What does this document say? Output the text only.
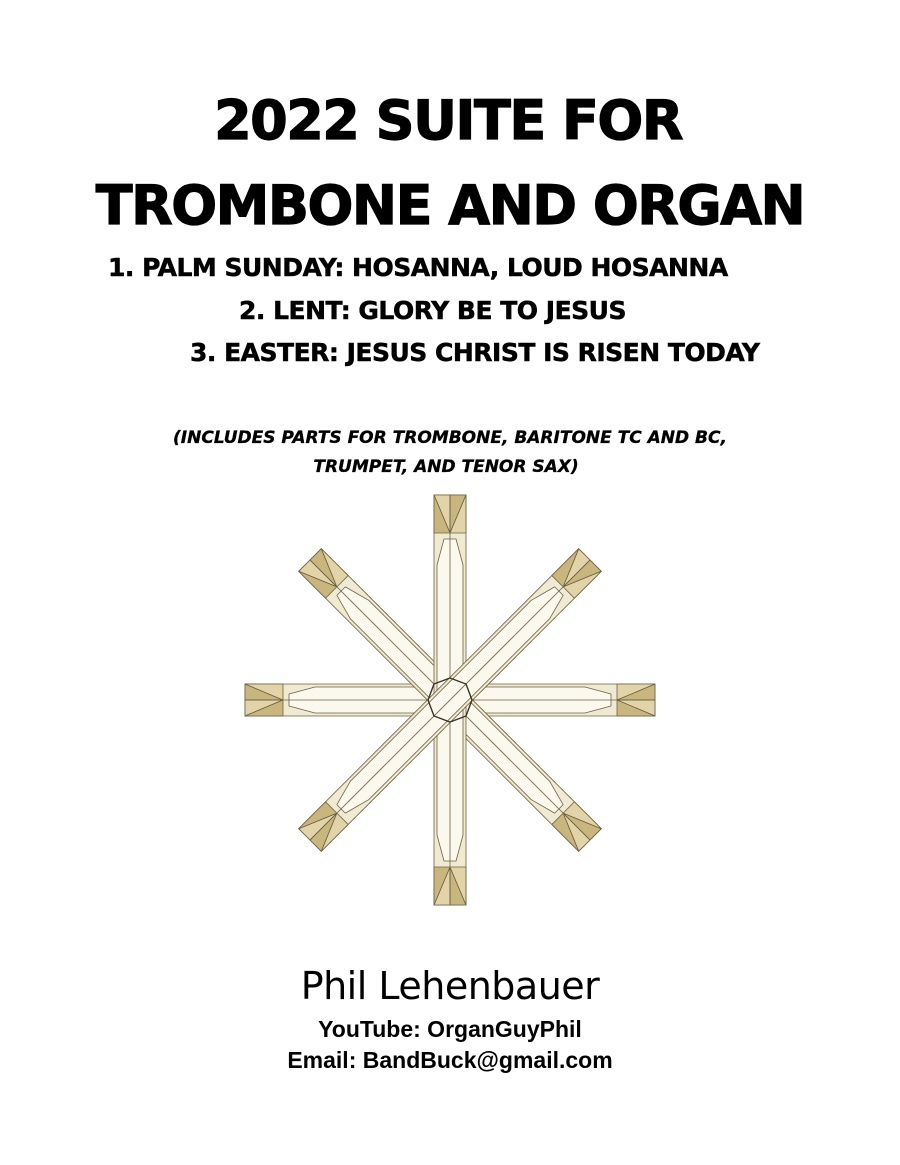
2022 SUITE FOR
TROMBONE AND ORGAN
1. PALM SUNDAY: HOSANNA, LOUD HOSANNA
2. LENT: GLORY BE TO JESUS
3. EASTER: JESUS CHRIST IS RISEN TODAY
(INCLUDES PARTS FOR TROMBONE, BARITONE TC AND BC,
TRUMPET, AND TENOR SAX)
Phil Lehenbauer
YouTube: OrganGuyPhil
Email: BandBuck@gmail.com
